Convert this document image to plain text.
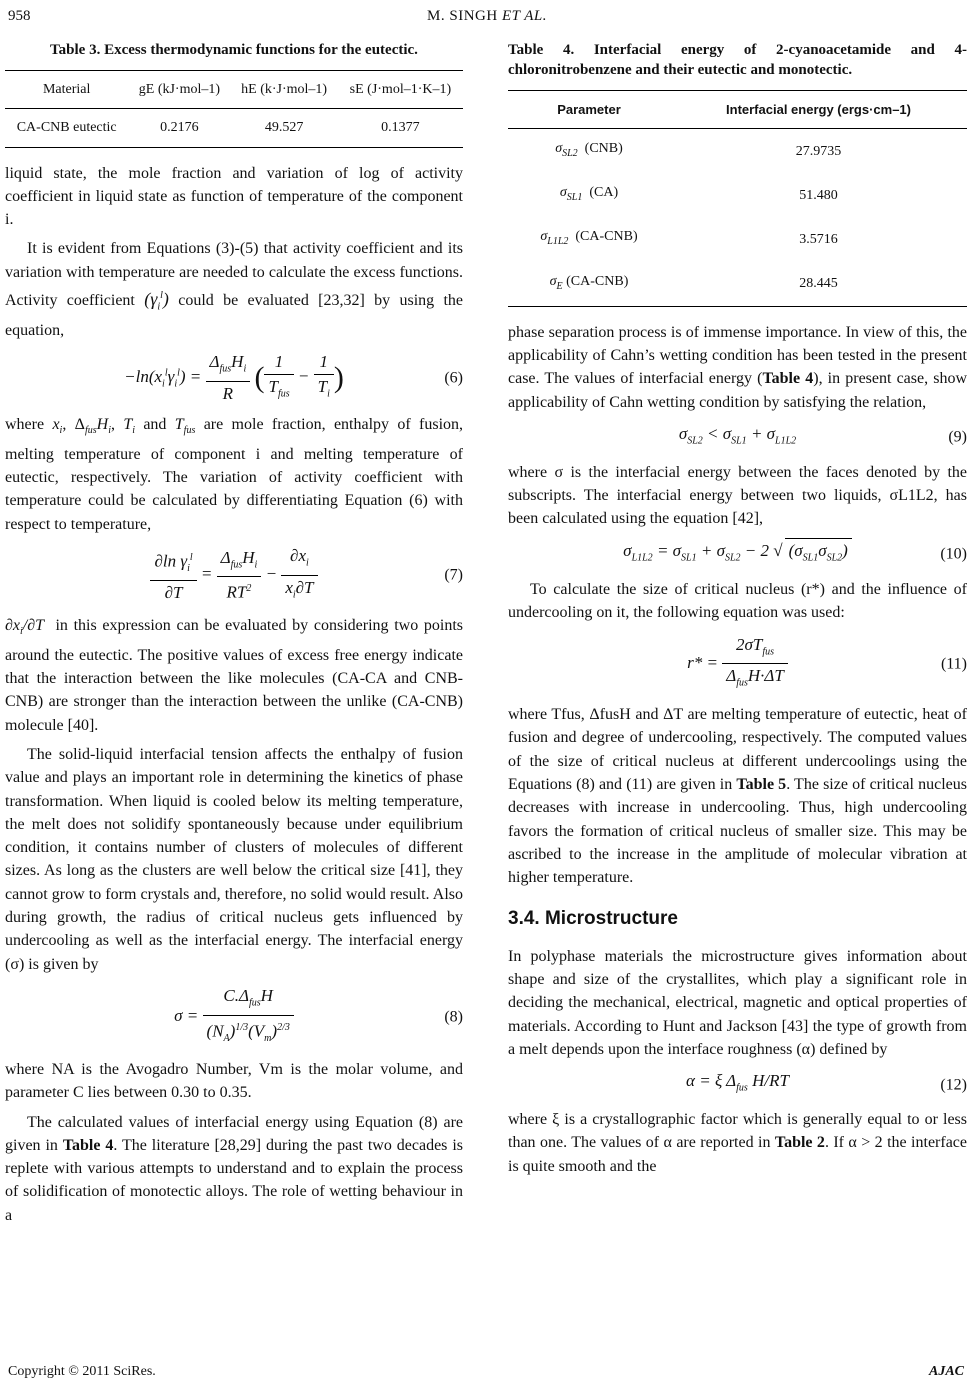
958	M. SINGH ET AL.
Table 3. Excess thermodynamic functions for the eutectic.
Material	gE (kJ·mol–1)	hE (k·J·mol–1)	sE (J·mol–1·K–1)
CA-CNB eutectic	0.2176	49.527	0.1377

liquid state, the mole fraction and variation of log of activity coefficient in liquid state as function of temperature of the component i.

It is evident from Equations (3)-(5) that activity coefficient and its variation with temperature are needed to calculate the excess functions. Activity coefficient $(\gamma_i^l)$ could be evaluated [23,32] by using the equation,

$-\ln(x_i^l\gamma_i^l) = \frac{\Delta_{fus}H_i}{R}$ ( $\frac{1}{T_{fus}} - \frac{1}{T_i}$ )	(6)

where $x_i$, $\Delta_{fus}H_i$, $T_i$ and $T_{fus}$ are mole fraction, enthalpy of fusion, melting temperature of component i and melting temperature of eutectic, respectively. The variation of activity coefficient with temperature could be calculated by differentiating Equation (6) with respect to temperature,

$\frac{\partial\ln \gamma_i^l}{\partial T} = \frac{\Delta_{fus}H_i}{RT^2} - \frac{\partial x_i}{x_i\partial T}$	(7)

$\partial x_i/\partial T$ in this expression can be evaluated by considering two points around the eutectic. The positive values of excess free energy indicate that the interaction between the like molecules (CA-CA and CNB-CNB) are stronger than the interaction between the unlike (CA-CNB) molecule [40].

The solid-liquid interfacial tension affects the enthalpy of fusion value and plays an important role in determining the kinetics of phase transformation. When liquid is cooled below its melting temperature, the melt does not solidify spontaneously because under equilibrium condition, it contains number of clusters of molecules of different sizes. As long as the clusters are well below the critical size [41], they cannot grow to form crystals and, therefore, no solid would result. Also during growth, the radius of critical nucleus gets influenced by undercooling as well as the interfacial energy. The interfacial energy (σ) is given by

$\sigma = \frac{C.\Delta_{fus}H}{(N_A)^{1/3}(V_m)^{2/3}}$	(8)

where NA is the Avogadro Number, Vm is the molar volume, and parameter C lies between 0.30 to 0.35.

The calculated values of interfacial energy using Equation (8) are given in Table 4. The literature [28,29] during the past two decades is replete with various attempts to understand and to explain the process of solidification of monotectic alloys. The role of wetting behaviour in a

Table 4. Interfacial energy of 2-cyanoacetamide and 4-chloronitrobenzene and their eutectic and monotectic.
Parameter	Interfacial energy (ergs·cm–1)
$\sigma_{SL2}$ (CNB)	27.9735
$\sigma_{SL1}$ (CA)	51.480
$\sigma_{L1L2}$ (CA-CNB)	3.5716
$\sigma_E$ (CA-CNB)	28.445

phase separation process is of immense importance. In view of this, the applicability of Cahn’s wetting condition has been tested in the present case. The values of interfacial energy (Table 4), in present case, show applicability of Cahn wetting condition by satisfying the relation,

$\sigma_{SL2} < \sigma_{SL1} + \sigma_{L1L2}$	(9)

where σ is the interfacial energy between the faces denoted by the subscripts. The interfacial energy between two liquids, σL1L2, has been calculated using the equation [42],

$\sigma_{L1L2} = \sigma_{SL1} + \sigma_{SL2} - 2$ √ $(\sigma_{SL1}\sigma_{SL2})$	(10)

To calculate the size of critical nucleus (r*) and the influence of undercooling on it, the following equation was used:

$r* = \frac{2\sigma T_{fus}}{\Delta_{fus}H\cdot\Delta T}$	(11)

where Tfus, ΔfusH and ΔT are melting temperature of eutectic, heat of fusion and degree of undercooling, respectively. The computed values of the size of critical nucleus at different undercoolings using the Equations (8) and (11) are given in Table 5. The size of critical nucleus decreases with increase in undercooling. Thus, high undercooling favors the formation of critical nucleus of smaller size. This may be ascribed to the increase in the amplitude of molecular vibration at higher temperature.

3.4. Microstructure

In polyphase materials the microstructure gives information about shape and size of the crystallites, which play a significant role in deciding the mechanical, electrical, magnetic and optical properties of materials. According to Hunt and Jackson [43] the type of growth from a melt depends upon the interface roughness (α) defined by

α = ξ $\Delta_{fus}$ H/RT	(12)

where ξ is a crystallographic factor which is generally equal to or less than one. The values of α are reported in Table 2. If α > 2 the interface is quite smooth and the

Copyright © 2011 SciRes.	AJAC
